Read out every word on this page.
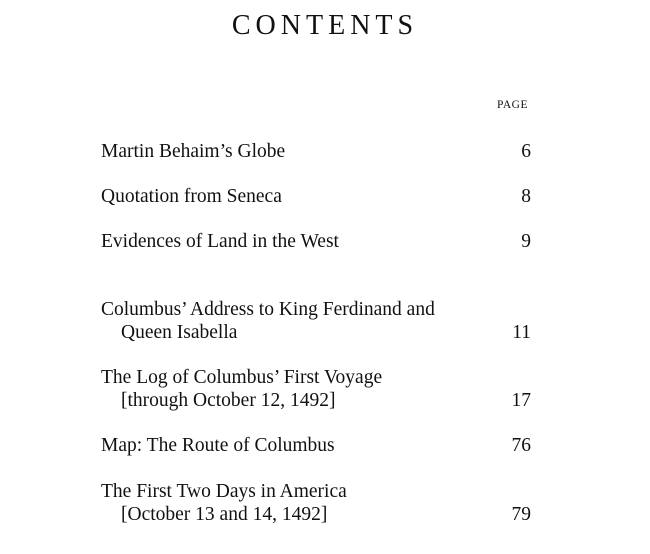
CONTENTS
PAGE
Martin Behaim’s Globe	6
Quotation from Seneca	8
Evidences of Land in the West	9
Columbus’ Address to King Ferdinand and
Queen Isabella	11
The Log of Columbus’ First Voyage
[through October 12, 1492]	17
Map: The Route of Columbus	76
The First Two Days in America
[October 13 and 14, 1492]	79
